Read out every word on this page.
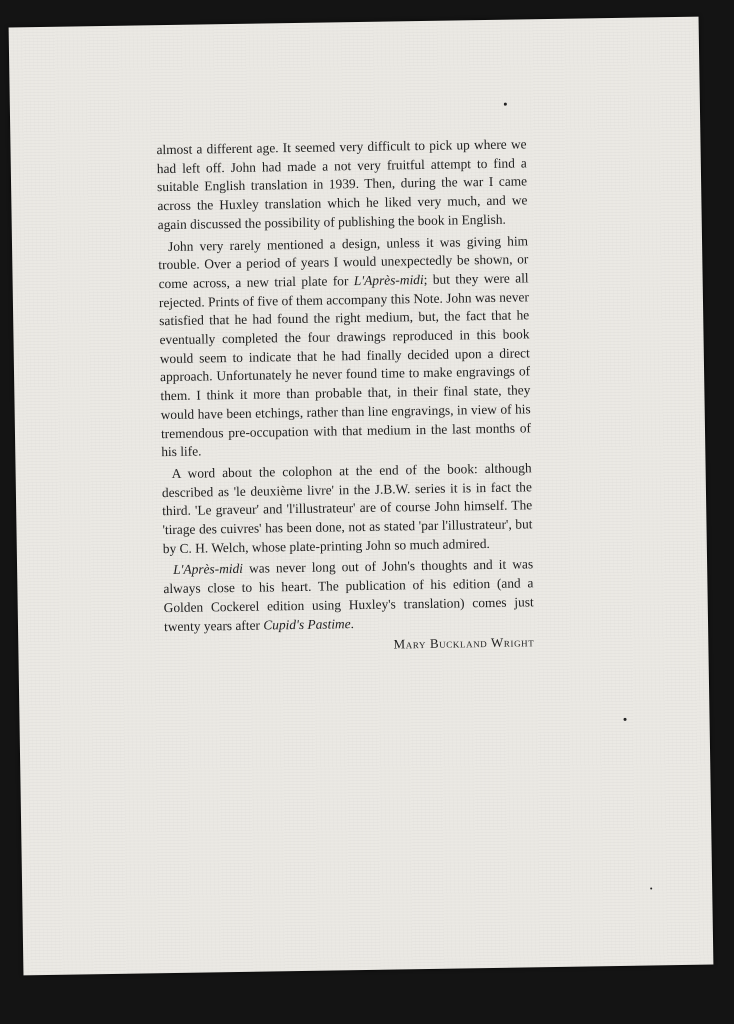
almost a different age. It seemed very difficult to pick up where we had left off. John had made a not very fruitful attempt to find a suitable English translation in 1939. Then, during the war I came across the Huxley translation which he liked very much, and we again discussed the possibility of publishing the book in English.

John very rarely mentioned a design, unless it was giving him trouble. Over a period of years I would unexpectedly be shown, or come across, a new trial plate for L'Après-midi; but they were all rejected. Prints of five of them accompany this Note. John was never satisfied that he had found the right medium, but, the fact that he eventually completed the four drawings reproduced in this book would seem to indicate that he had finally decided upon a direct approach. Unfortunately he never found time to make engravings of them. I think it more than probable that, in their final state, they would have been etchings, rather than line engravings, in view of his tremendous pre-occupation with that medium in the last months of his life.

A word about the colophon at the end of the book: although described as 'le deuxième livre' in the J.B.W. series it is in fact the third. 'Le graveur' and 'l'illustrateur' are of course John himself. The 'tirage des cuivres' has been done, not as stated 'par l'illustrateur', but by C. H. Welch, whose plate-printing John so much admired.

L'Après-midi was never long out of John's thoughts and it was always close to his heart. The publication of his edition (and a Golden Cockerel edition using Huxley's translation) comes just twenty years after Cupid's Pastime.

Mary Buckland Wright
